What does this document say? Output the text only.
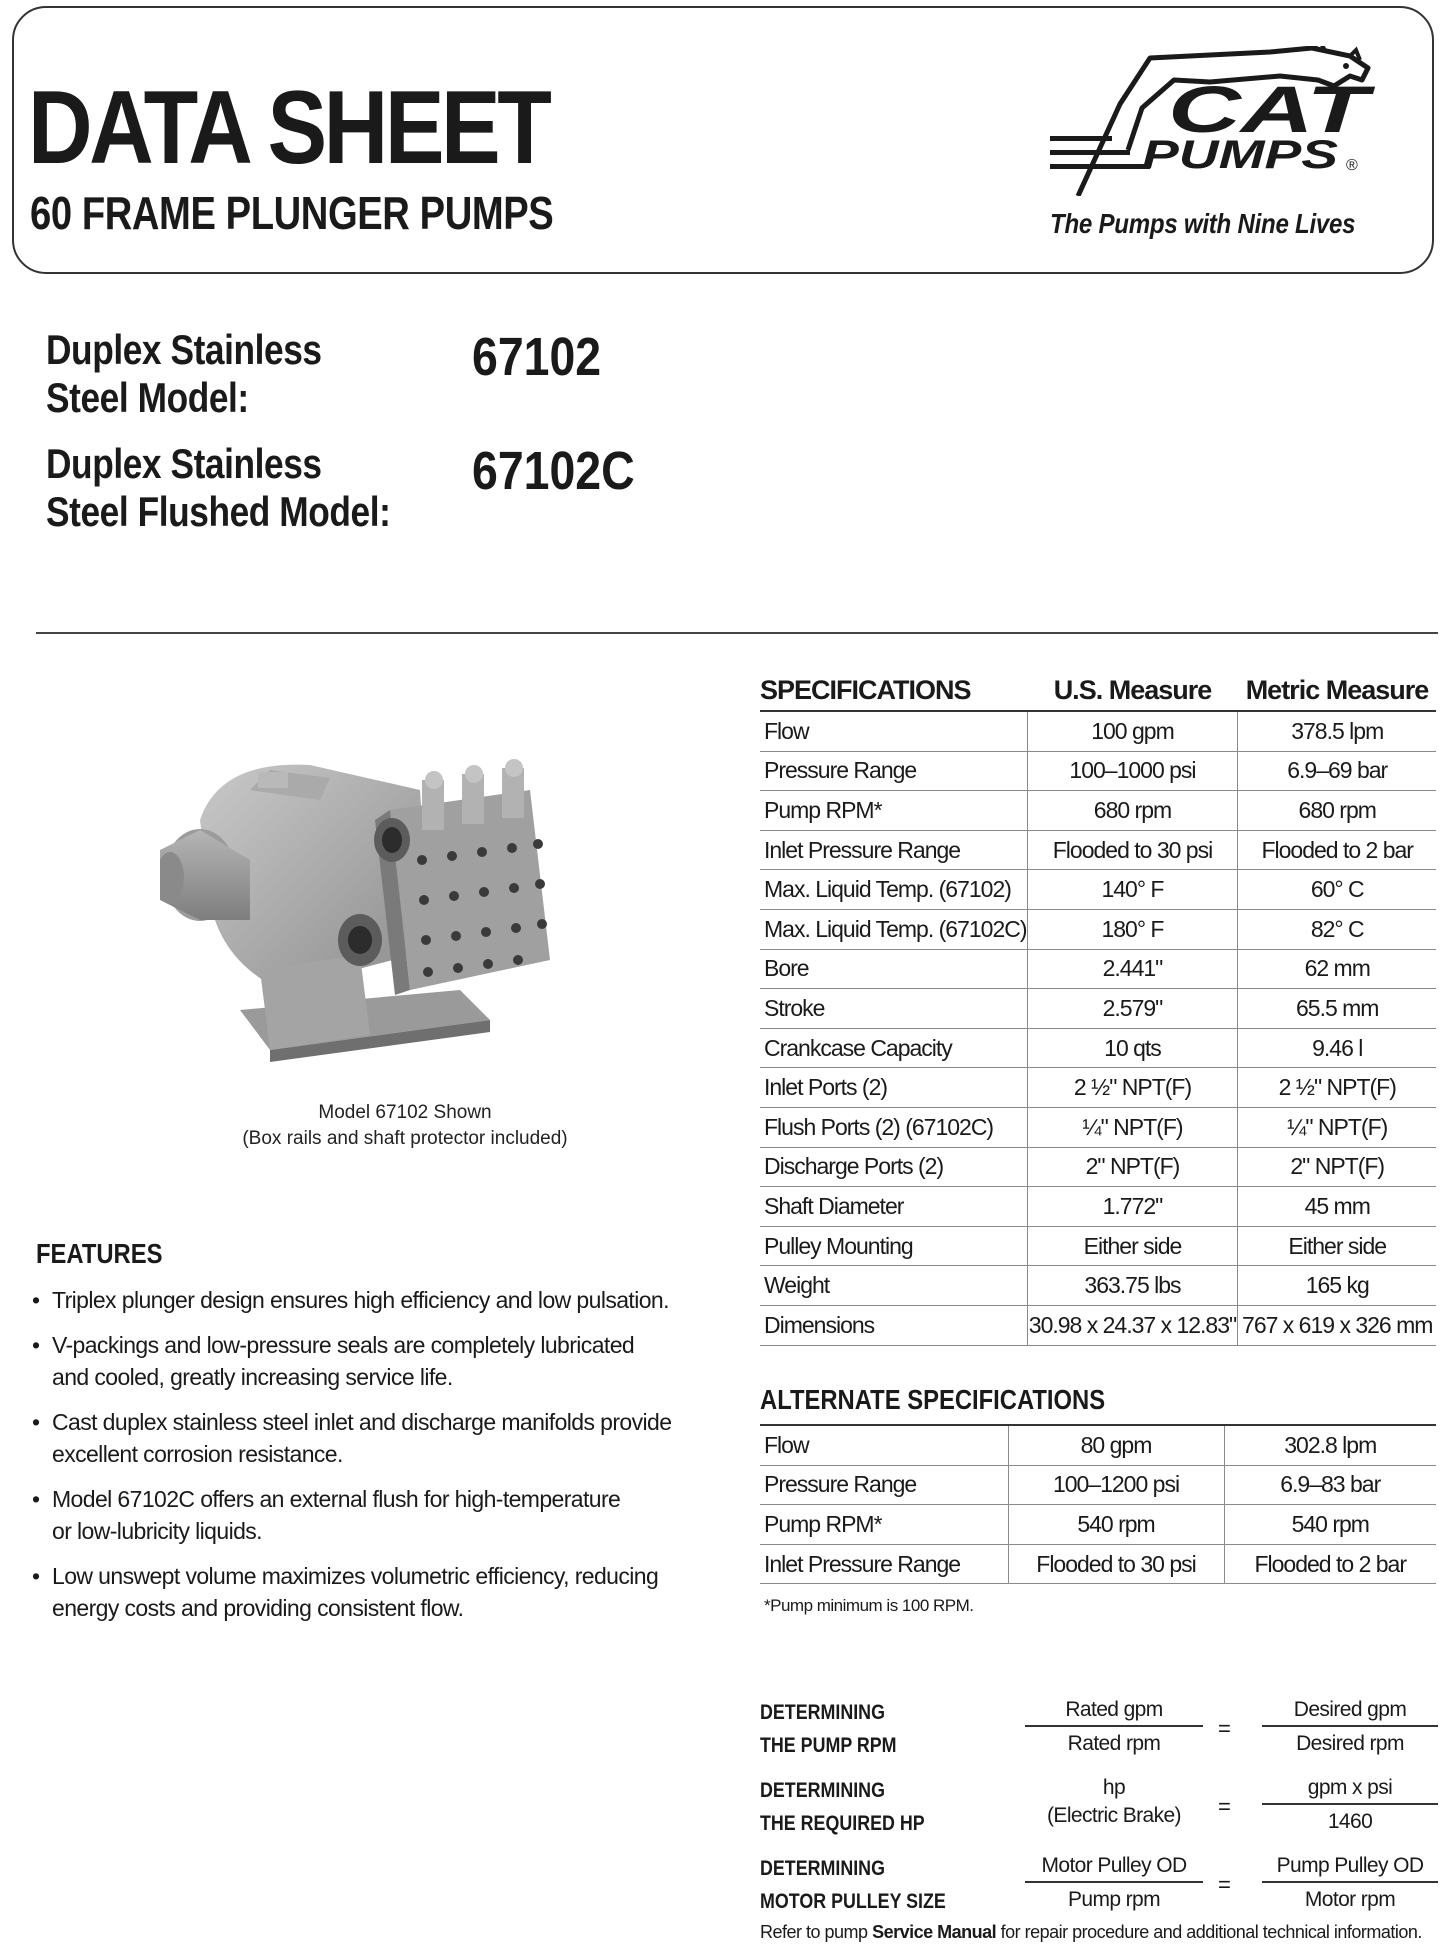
DATA SHEET
60 FRAME PLUNGER PUMPS
CAT
PUMPS ®
The Pumps with Nine Lives
Duplex Stainless
Steel Model:
67102
Duplex Stainless
Steel Flushed Model:
67102C
Model 67102 Shown
(Box rails and shaft protector included)
FEATURES
• Triplex plunger design ensures high efficiency and low pulsation.
• V-packings and low-pressure seals are completely lubricated and cooled, greatly increasing service life.
• Cast duplex stainless steel inlet and discharge manifolds provide excellent corrosion resistance.
• Model 67102C offers an external flush for high-temperature or low-lubricity liquids.
• Low unswept volume maximizes volumetric efficiency, reducing energy costs and providing consistent flow.
SPECIFICATIONS	U.S. Measure	Metric Measure
Flow	100 gpm	378.5 lpm
Pressure Range	100–1000 psi	6.9–69 bar
Pump RPM*	680 rpm	680 rpm
Inlet Pressure Range	Flooded to 30 psi	Flooded to 2 bar
Max. Liquid Temp. (67102)	140° F	60° C
Max. Liquid Temp. (67102C)	180° F	82° C
Bore	2.441"	62 mm
Stroke	2.579"	65.5 mm
Crankcase Capacity	10 qts	9.46 l
Inlet Ports (2)	2 ½" NPT(F)	2 ½" NPT(F)
Flush Ports (2) (67102C)	¼" NPT(F)	¼" NPT(F)
Discharge Ports (2)	2" NPT(F)	2" NPT(F)
Shaft Diameter	1.772"	45 mm
Pulley Mounting	Either side	Either side
Weight	363.75 lbs	165 kg
Dimensions	30.98 x 24.37 x 12.83"	767 x 619 x 326 mm
ALTERNATE SPECIFICATIONS
Flow	80 gpm	302.8 lpm
Pressure Range	100–1200 psi	6.9–83 bar
Pump RPM*	540 rpm	540 rpm
Inlet Pressure Range	Flooded to 30 psi	Flooded to 2 bar
*Pump minimum is 100 RPM.
DETERMINING
THE PUMP RPM
Rated gpm
Rated rpm
=
Desired gpm
Desired rpm
DETERMINING
THE REQUIRED HP
hp
(Electric Brake)	=
gpm x psi
1460
DETERMINING
MOTOR PULLEY SIZE
Motor Pulley OD
Pump rpm
=
Pump Pulley OD
Motor rpm
Refer to pump Service Manual for repair procedure and additional technical information.
